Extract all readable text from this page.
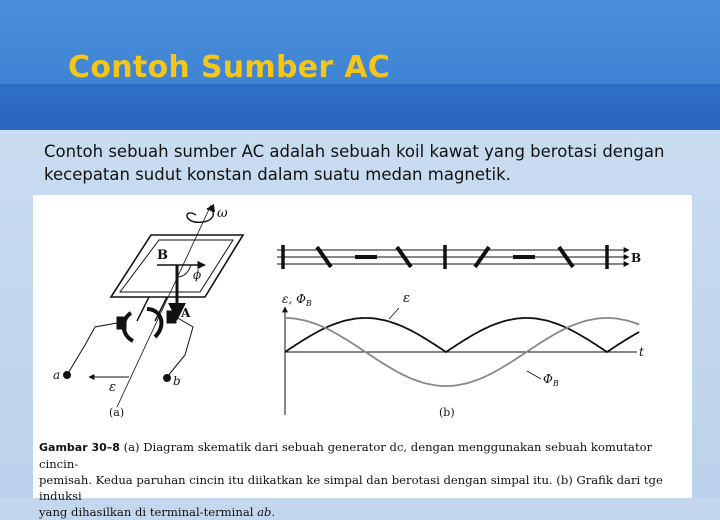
Contoh Sumber AC

Contoh sebuah sumber AC adalah sebuah koil kawat yang berotasi dengan kecepatan sudut konstan dalam suatu medan magnetik.

ω
B
ϕ
A
ε
a	b
(a)
B
ε, $\Phi_B$	ε
t
$\Phi_B$
(b)

Gambar 30–8 (a) Diagram skematik dari sebuah generator dc, dengan menggunakan sebuah komutator cincin-
pemisah. Kedua paruhan cincin itu diikatkan ke simpal dan berotasi dengan simpal itu. (b) Grafik dari tge induksi
yang dihasilkan di terminal-terminal ab.
